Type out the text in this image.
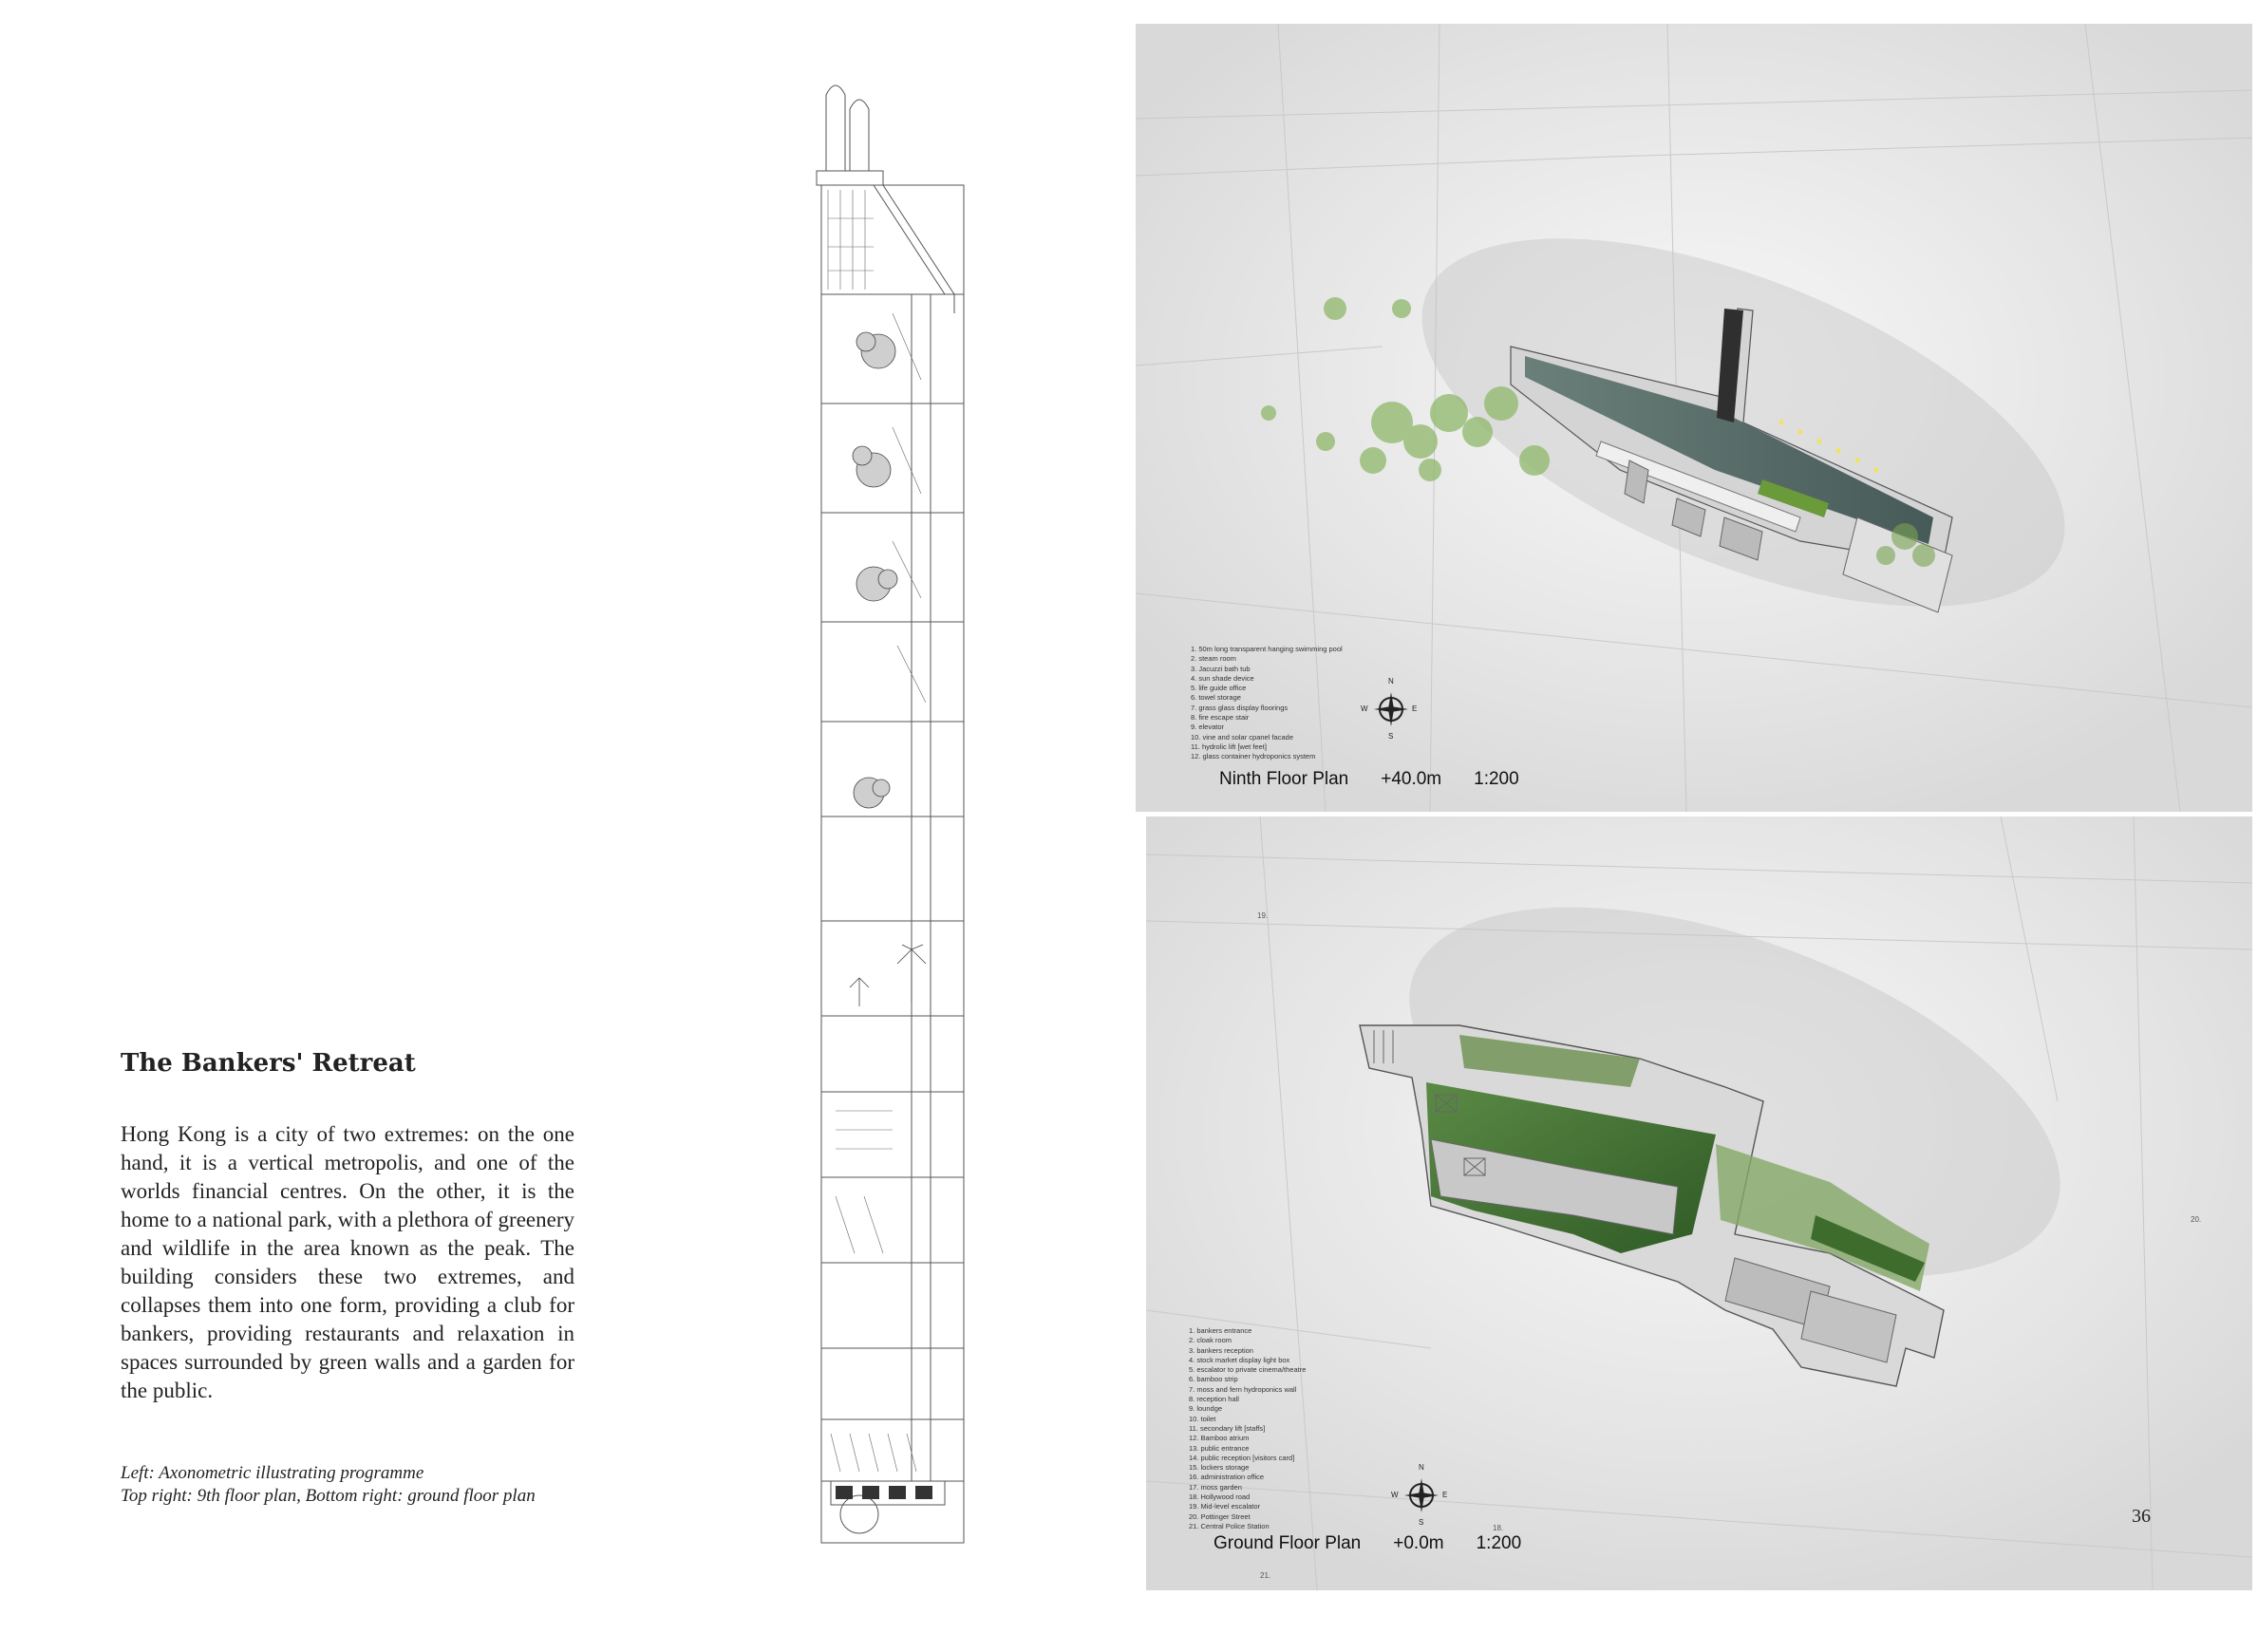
The Bankers' Retreat
Hong Kong is a city of two extremes: on the one hand, it is a vertical metropolis, and one of the worlds financial centres. On the other, it is the home to a national park, with a plethora of greenery and wildlife in the area known as the peak. The building considers these two extremes, and collapses them into one form, providing a club for bankers, providing restaurants and relaxation in spaces surrounded by green walls and a garden for the public.
Left: Axonometric illustrating programme
Top right: 9th floor plan, Bottom right: ground floor plan
1. 50m long transparent hanging swimming pool
2. steam room
3. Jacuzzi bath tub
4. sun shade device
5. life guide office
6. towel storage
7. grass glass display floorings
8. fire escape stair
9. elevator
10. vine and solar cpanel facade
11. hydrolic lift [wet feet]
12. glass container hydroponics system
N
S
E
W
Ninth Floor Plan +40.0m 1:200
19.
18.
20.
21.
1. bankers entrance
2. cloak room
3. bankers reception
4. stock market display light box
5. escalator to private cinema/theatre
6. bamboo strip
7. moss and fern hydroponics wall
8. reception hall
9. loundge
10. toilet
11. secondary lift [staffs]
12. Bamboo atrium
13. public entrance
14. public reception [visitors card]
15. lockers storage
16. administration office
17. moss garden
18. Hollywood road
19. Mid-level escalator
20. Pottinger Street
21. Central Police Station
N
S
E
W
Ground Floor Plan +0.0m 1:200
36
